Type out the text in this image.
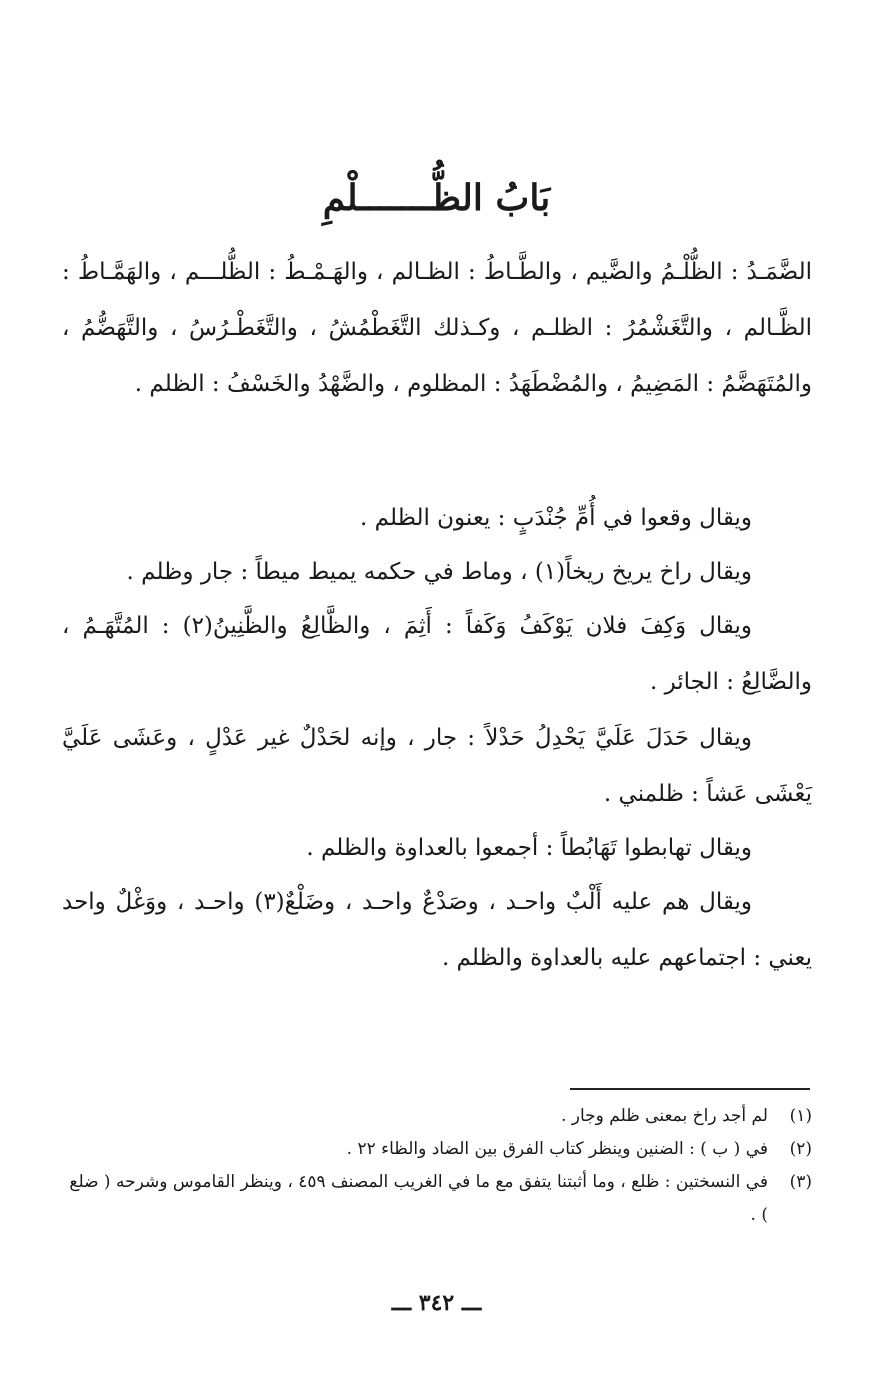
بَابُ الظُّـــــــلْمِ

الضَّمَـدُ : الظُّلْـمُ والضَّيم ، والطَّـاطُ : الظـالم ، والهَـمْـطُ : الظُّلـــم ، والهَمَّـاطُ : الظَّـالم ، والتَّغَشْمُرُ : الظلـم ، وكـذلك التَّغَطْمُشُ ، والتَّغَطْـرُسُ ، والتَّهَضُّمُ ، والمُتَهَضَّمُ : المَضِيمُ ، والمُضْطَهَدُ : المظلوم ، والضَّهْدُ والخَسْفُ : الظلم .

ويقال وقعوا في أُمِّ جُنْدَبٍ : يعنون الظلم .

ويقال راخ يريخ ريخاً(١) ، وماط في حكمه يميط ميطاً : جار وظلم .

ويقال وَكِفَ فلان يَوْكَفُ وَكَفاً : أَثِمَ ، والظَّالِعُ والظَّنِينُ(٢) : المُتَّهَـمُ ، والضَّالِعُ : الجائر .

ويقال حَدَلَ عَلَيَّ يَحْدِلُ حَدْلاً : جار ، وإنه لحَدْلٌ غير عَدْلٍ ، وعَشَى عَلَيَّ يَعْشَى عَشاً : ظلمني .

ويقال تهابطوا تَهَابُطاً : أجمعوا بالعداوة والظلم .

ويقال هم عليه أَلْبٌ واحـد ، وصَدْعٌ واحـد ، وضَلْعٌ(٣) واحـد ، ووَغْلٌ واحد يعني : اجتماعهم عليه بالعداوة والظلم .

(١)
لم أجد راخ بمعنى ظلم وجار .
(٢)
في ( ب ) : الضنين وينظر كتاب الفرق بين الضاد والظاء ٢٢ .
(٣)
في النسختين : ظلع ، وما أثبتنا يتفق مع ما في الغريب المصنف ٤٥٩ ، وينظر القاموس وشرحه ( ضلع ) .
ـــ ٣٤٢ ـــ
